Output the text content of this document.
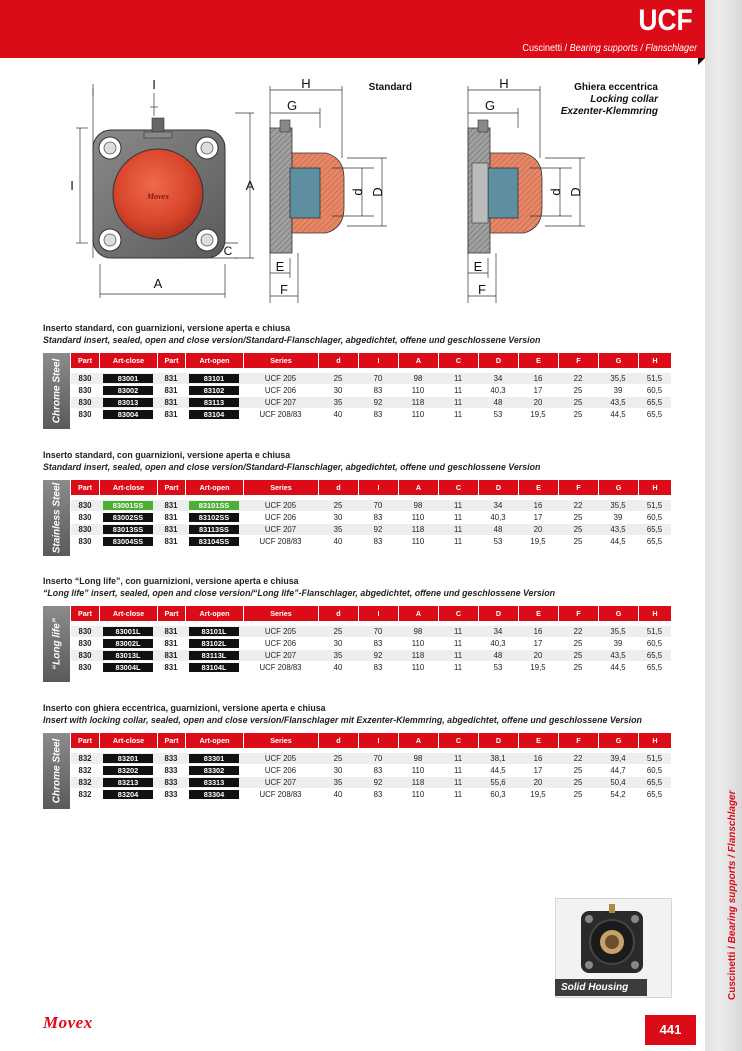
UCF
Cuscinetti / Bearing supports / Flanschlager
Cuscinetti / Bearing supports / Flanschlager
Movex
I
I	A
A
C
H
G
d D
E
F
Standard	H
G
d D
E
F
Ghiera eccentrica
Locking collar
Exzenter-Klemmring
Inserto standard, con guarnizioni, versione aperta e chiusa
Standard insert, sealed, open and close version/Standard-Flanschlager, abgedichtet, offene und geschlossene Version
Chrome Steel	Part	Art-close	Part	Art-open	Series	d	I	A	C	D	E	F	G	H
830	83001	831	83101	UCF 205	25	70	98	11	34	16	22	35,5	51,5
830	83002	831	83102	UCF 206	30	83	110	11	40,3	17	25	39	60,5
830	83013	831	83113	UCF 207	35	92	118	11	48	20	25	43,5	65,5
830	83004	831	83104	UCF 208/83	40	83	110	11	53	19,5	25	44,5	65,5
Inserto standard, con guarnizioni, versione aperta e chiusa
Standard insert, sealed, open and close version/Standard-Flanschlager, abgedichtet, offene und geschlossene Version
Stainless Steel	Part	Art-close	Part	Art-open	Series	d	I	A	C	D	E	F	G	H
830	83001SS	831	83101SS	UCF 205	25	70	98	11	34	16	22	35,5	51,5
830	83002SS	831	83102SS	UCF 206	30	83	110	11	40,3	17	25	39	60,5
830	83013SS	831	83113SS	UCF 207	35	92	118	11	48	20	25	43,5	65,5
830	83004SS	831	83104SS	UCF 208/83	40	83	110	11	53	19,5	25	44,5	65,5
Inserto “Long life”, con guarnizioni, versione aperta e chiusa
“Long life” insert, sealed, open and close version/“Long life”-Flanschlager, abgedichtet, offene und geschlossene Version
“Long life”
Part	Art-close	Part	Art-open	Series	d	I	A	C	D	E	F	G	H
830	83001L	831	83101L	UCF 205	25	70	98	11	34	16	22	35,5	51,5
830	83002L	831	83102L	UCF 206	30	83	110	11	40,3	17	25	39	60,5
830	83013L	831	83113L	UCF 207	35	92	118	11	48	20	25	43,5	65,5
830	83004L	831	83104L	UCF 208/83	40	83	110	11	53	19,5	25	44,5	65,5
Inserto con ghiera eccentrica, guarnizioni, versione aperta e chiusa
Insert with locking collar, sealed, open and close version/Flanschlager mit Exzenter-Klemmring, abgedichtet, offene und geschlossene Version
Chrome Steel	Part	Art-close	Part	Art-open	Series	d	I	A	C	D	E	F	G	H
832	83201	833	83301	UCF 205	25	70	98	11	38,1	16	22	39,4	51,5
832	83202	833	83302	UCF 206	30	83	110	11	44,5	17	25	44,7	60,5
832	83213	833	83313	UCF 207	35	92	118	11	55,6	20	25	50,4	65,5
832	83204	833	83304	UCF 208/83	40	83	110	11	60,3	19,5	25	54,2	65,5
Solid Housing
Movex	441
